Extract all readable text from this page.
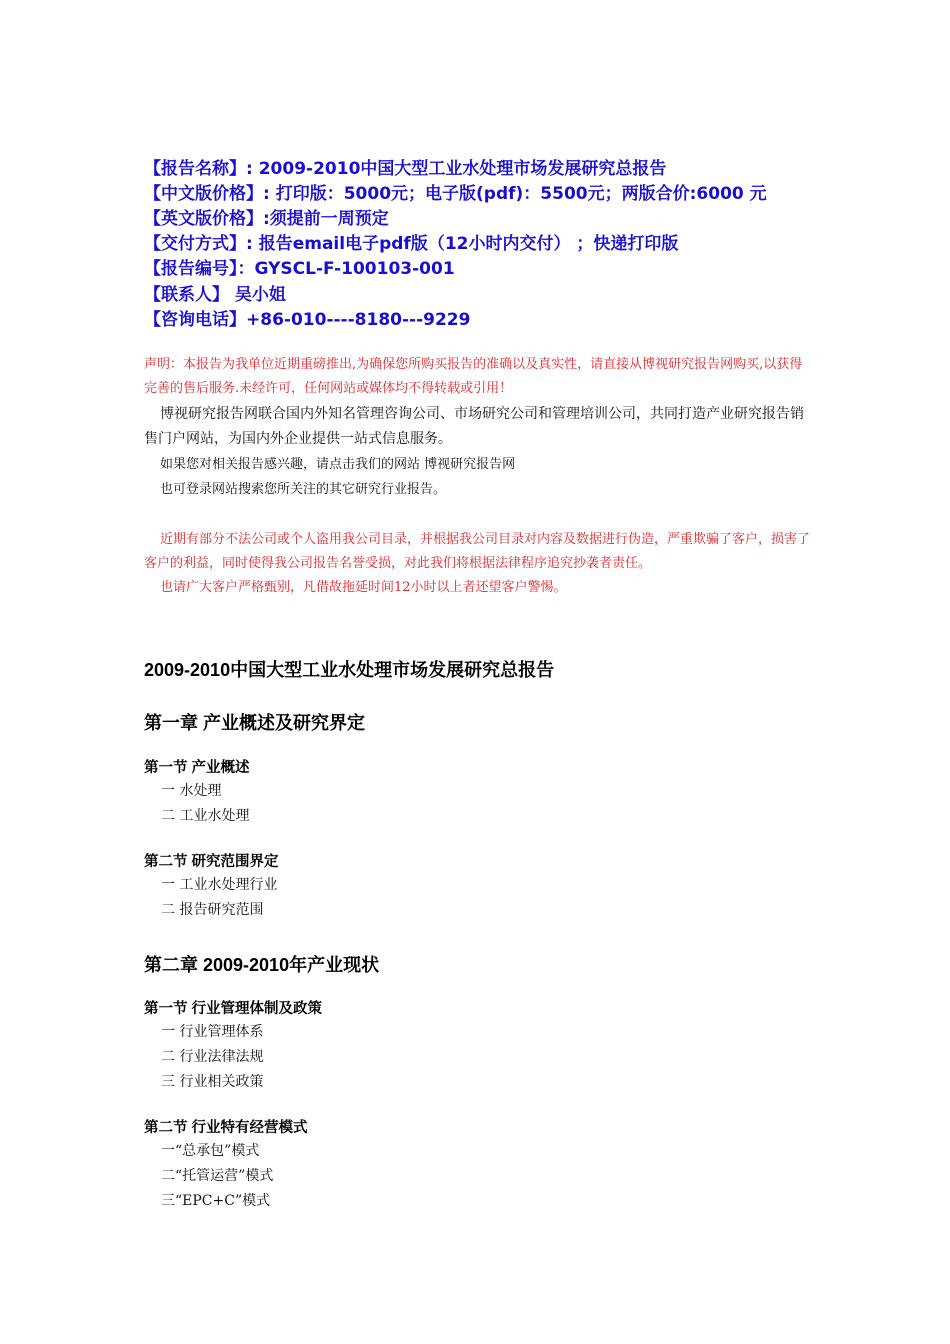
【报告名称】: 2009-2010中国大型工业水处理市场发展研究总报告
【中文版价格】: 打印版：5000元；电子版(pdf)：5500元；两版合价:6000 元
【英文版价格】:须提前一周预定
【交付方式】: 报告email电子pdf版（12小时内交付） ；快递打印版
【报告编号】：GYSCL-F-100103-001
【联系人】 吴小姐
【咨询电话】+86-010----8180---9229
声明：本报告为我单位近期重磅推出,为确保您所购买报告的准确以及真实性，请直接从博视研究报告网购买,以获得完善的售后服务.未经许可，任何网站或媒体均不得转载或引用！
博视研究报告网联合国内外知名管理咨询公司、市场研究公司和管理培训公司，共同打造产业研究报告销售门户网站，为国内外企业提供一站式信息服务。
如果您对相关报告感兴趣，请点击我们的网站 博视研究报告网
也可登录网站搜索您所关注的其它研究行业报告。
近期有部分不法公司或个人盗用我公司目录，并根据我公司目录对内容及数据进行伪造，严重欺骗了客户，损害了客户的利益，同时使得我公司报告名誉受损，对此我们将根据法律程序追究抄袭者责任。
也请广大客户严格甄别，凡借故拖延时间12小时以上者还望客户警惕。
2009-2010中国大型工业水处理市场发展研究总报告
第一章 产业概述及研究界定
第一节 产业概述
一 水处理
二 工业水处理
第二节 研究范围界定
一 工业水处理行业
二 报告研究范围
第二章 2009-2010年产业现状
第一节 行业管理体制及政策
一 行业管理体系
二 行业法律法规
三 行业相关政策
第二节 行业特有经营模式
一“总承包”模式
二“托管运营”模式
三“EPC+C”模式
